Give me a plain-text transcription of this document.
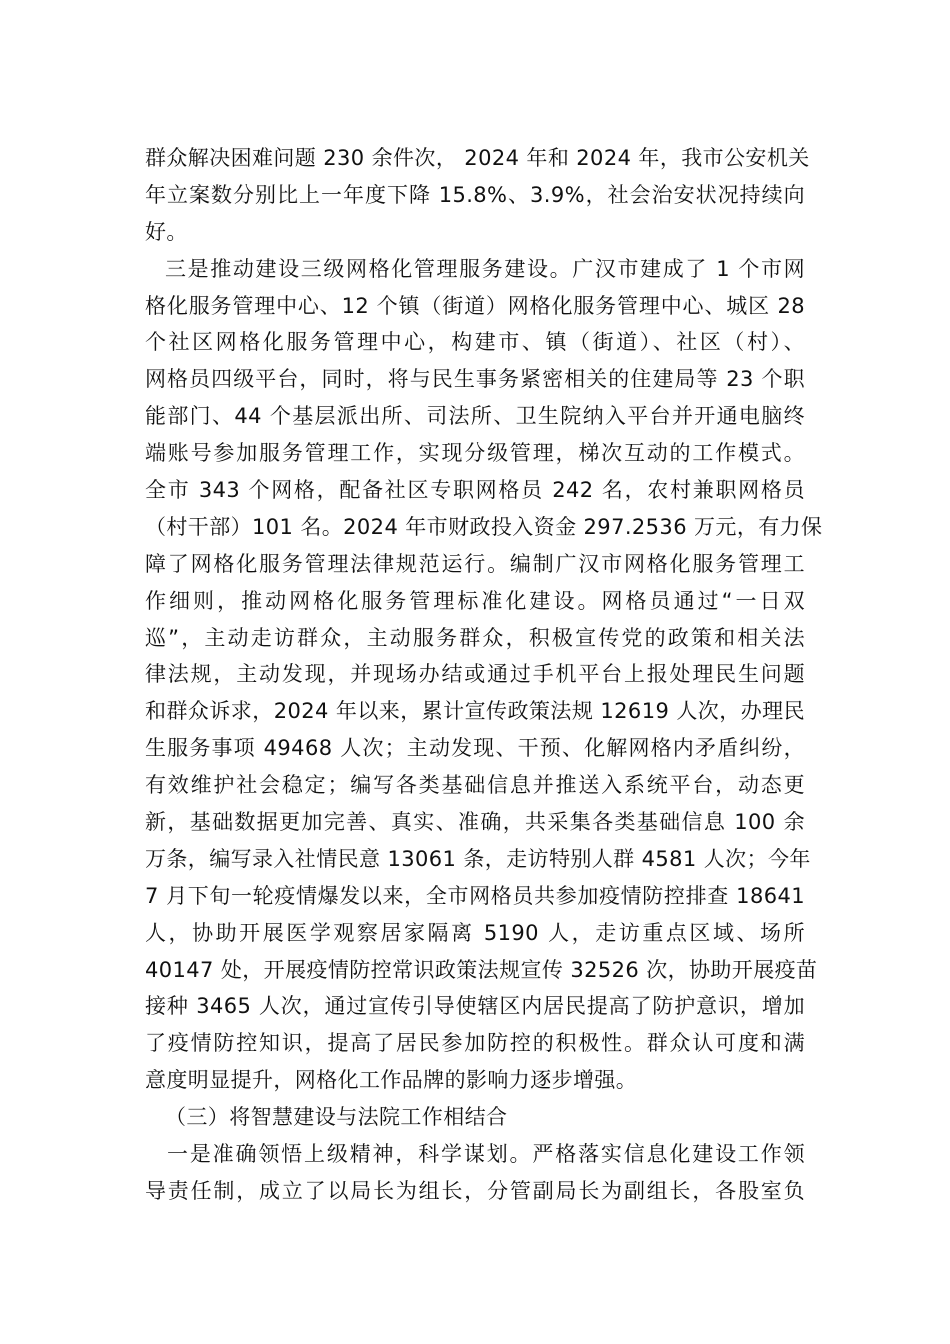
群众解决困难问题 230 余件次， 2024 年和 2024 年，我市公安机关
年立案数分别比上一年度下降 15.8%、3.9%，社会治安状况持续向
好。
三是推动建设三级网格化管理服务建设。广汉市建成了 1 个市网
格化服务管理中心、12 个镇（街道）网格化服务管理中心、城区 28
个社区网格化服务管理中心，构建市、镇（街道）、社区（村）、
网格员四级平台，同时，将与民生事务紧密相关的住建局等 23 个职
能部门、44 个基层派出所、司法所、卫生院纳入平台并开通电脑终
端账号参加服务管理工作，实现分级管理，梯次互动的工作模式。
全市 343 个网格，配备社区专职网格员 242 名，农村兼职网格员
（村干部）101 名。2024 年市财政投入资金 297.2536 万元，有力保
障了网格化服务管理法律规范运行。编制广汉市网格化服务管理工
作细则，推动网格化服务管理标准化建设。网格员通过“一日双
巡”，主动走访群众，主动服务群众，积极宣传党的政策和相关法
律法规，主动发现，并现场办结或通过手机平台上报处理民生问题
和群众诉求，2024 年以来，累计宣传政策法规 12619 人次，办理民
生服务事项 49468 人次；主动发现、干预、化解网格内矛盾纠纷，
有效维护社会稳定；编写各类基础信息并推送入系统平台，动态更
新，基础数据更加完善、真实、准确，共采集各类基础信息 100 余
万条，编写录入社情民意 13061 条，走访特别人群 4581 人次；今年
7 月下旬一轮疫情爆发以来，全市网格员共参加疫情防控排查 18641
人，协助开展医学观察居家隔离 5190 人，走访重点区域、场所
40147 处，开展疫情防控常识政策法规宣传 32526 次，协助开展疫苗
接种 3465 人次，通过宣传引导使辖区内居民提高了防护意识，增加
了疫情防控知识，提高了居民参加防控的积极性。群众认可度和满
意度明显提升，网格化工作品牌的影响力逐步增强。
（三）将智慧建设与法院工作相结合
一是准确领悟上级精神，科学谋划。严格落实信息化建设工作领
导责任制，成立了以局长为组长，分管副局长为副组长，各股室负
